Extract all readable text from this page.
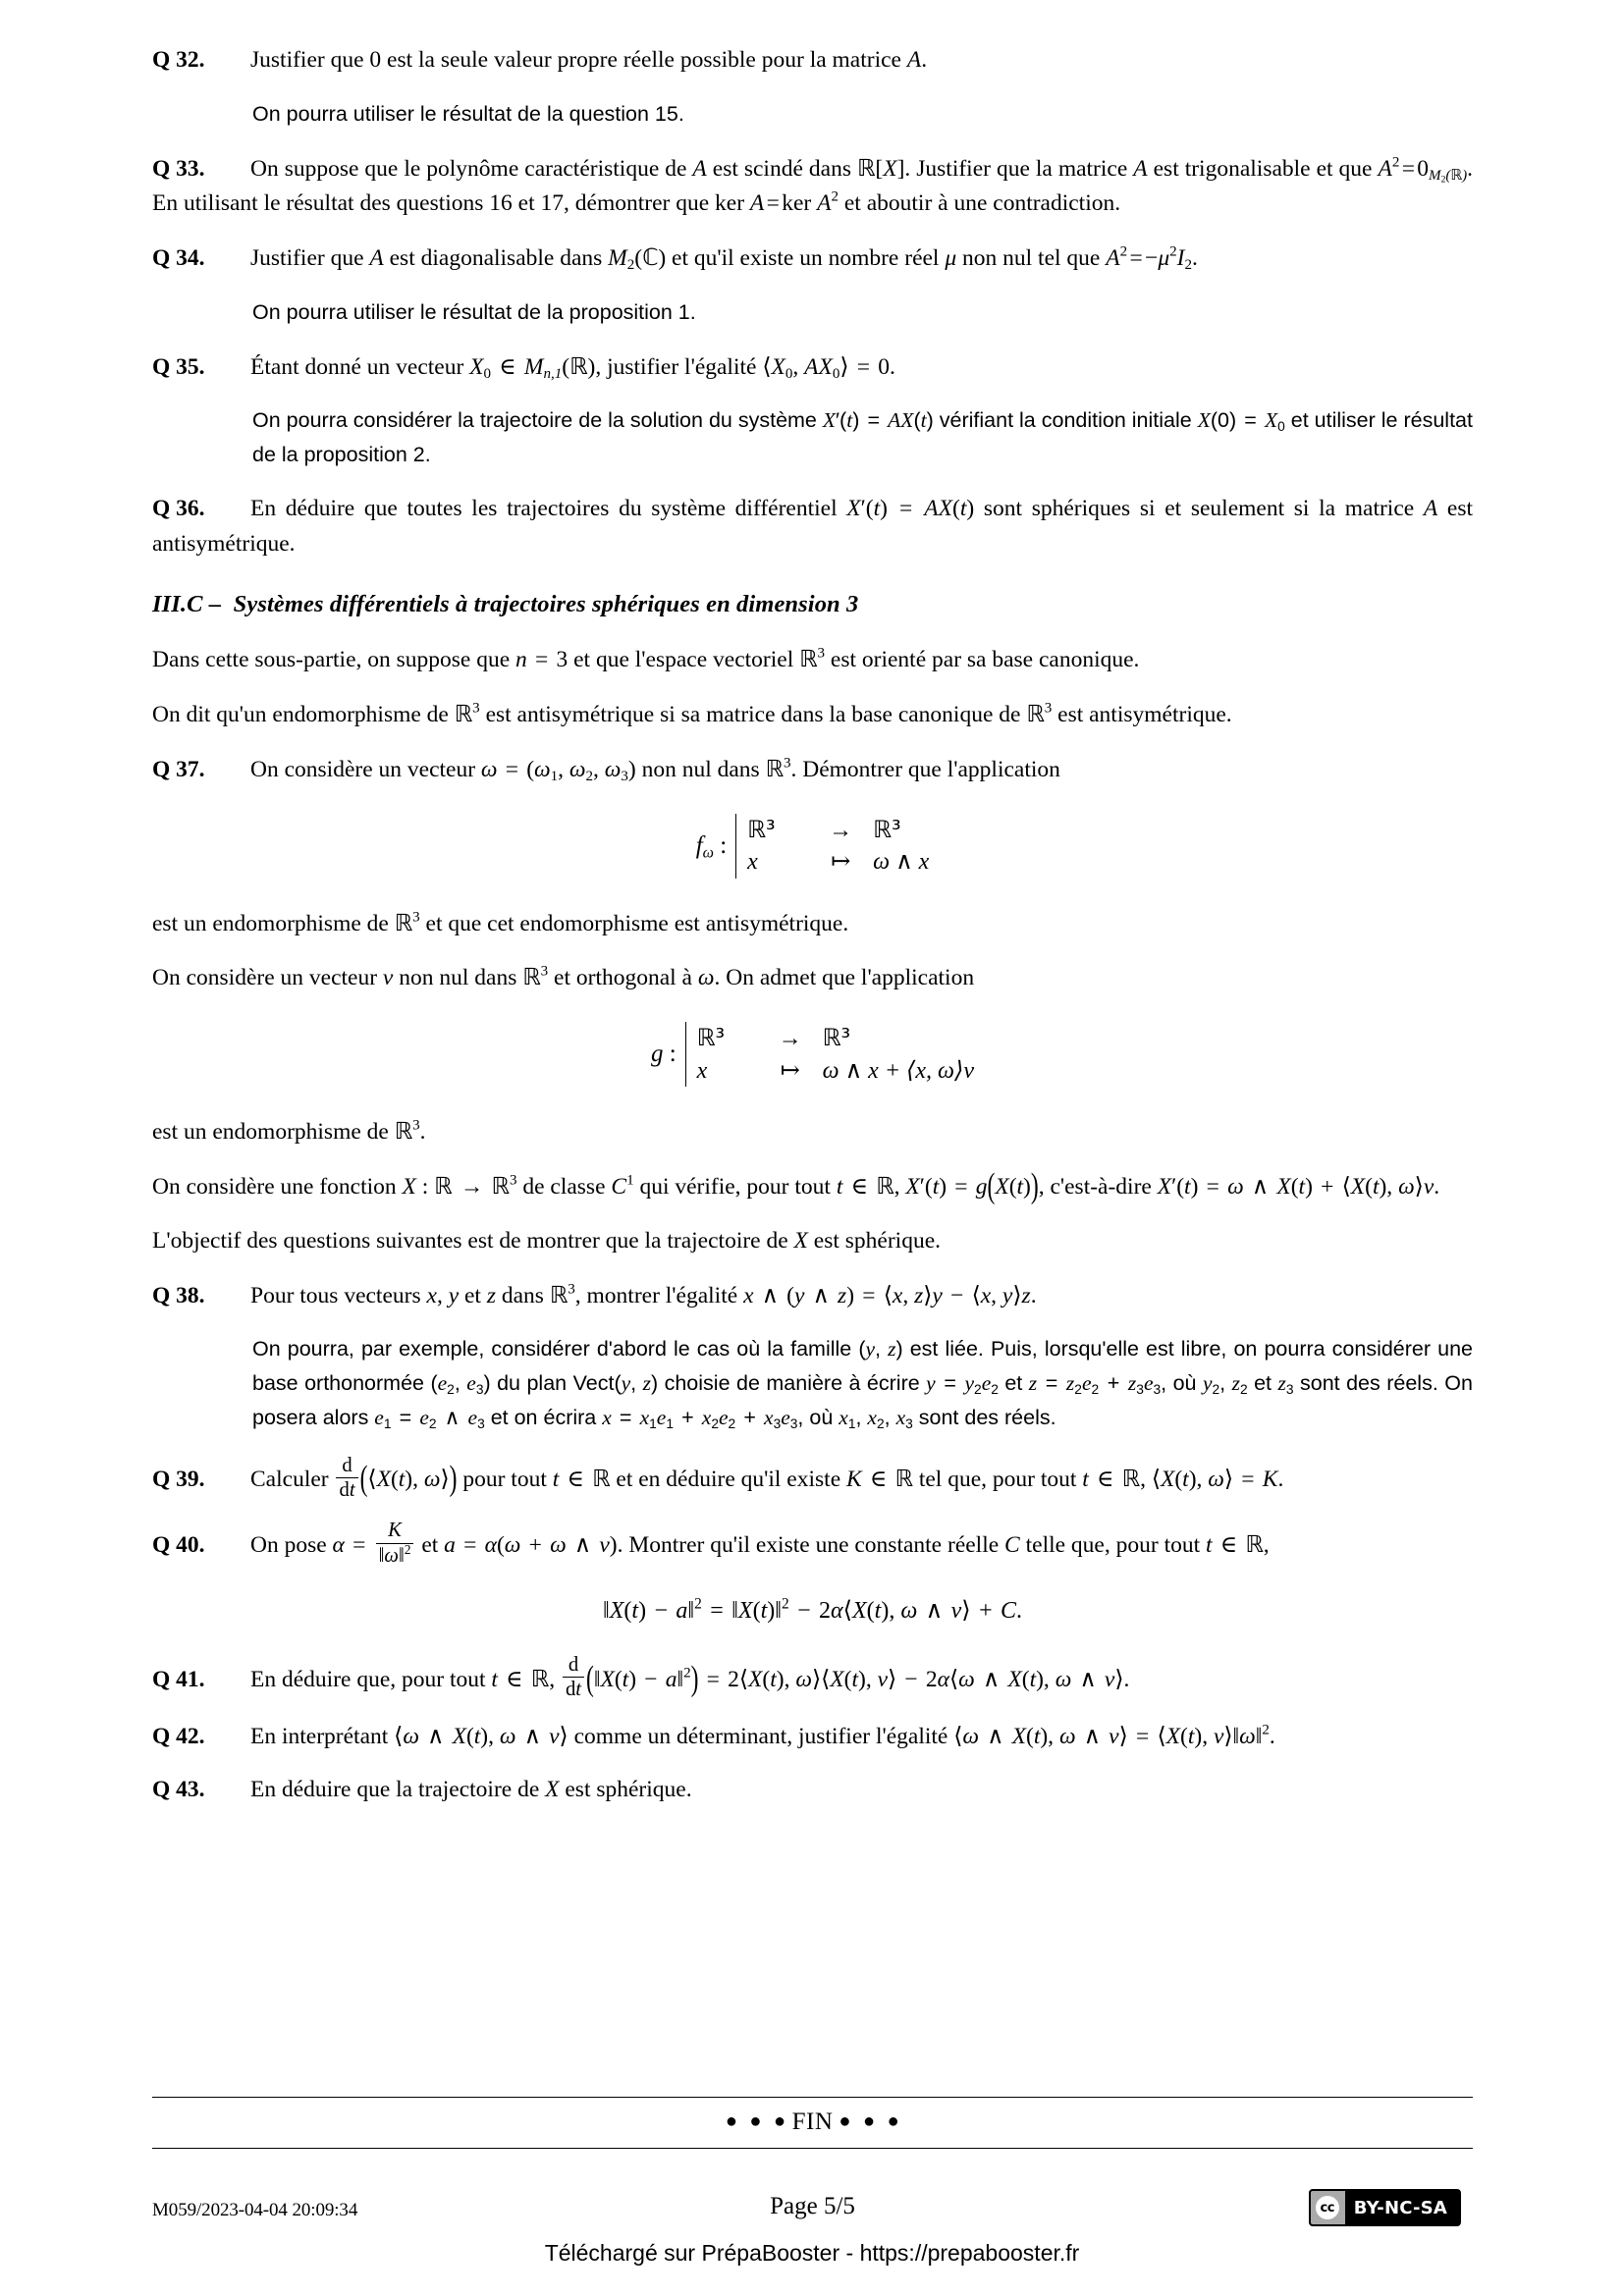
Q 32. Justifier que 0 est la seule valeur propre réelle possible pour la matrice A.
On pourra utiliser le résultat de la question 15.
Q 33. On suppose que le polynôme caractéristique de A est scindé dans ℝ[X]. Justifier que la matrice A est trigonalisable et que $A^2=0_{M_2(ℝ)}$. En utilisant le résultat des questions 16 et 17, démontrer que ker A=ker $A^2$ et aboutir à une contradiction.
Q 34. Justifier que A est diagonalisable dans $M_2(ℂ)$ et qu'il existe un nombre réel μ non nul tel que $A^2=-\mu^2I_2$.
On pourra utiliser le résultat de la proposition 1.
Q 35. Étant donné un vecteur $X_0$ ∈ $M_{n,1}(ℝ)$, justifier l'égalité $⟨X_0$, $AX_0⟩ = 0$.
On pourra considérer la trajectoire de la solution du système X′(t) = AX(t) vérifiant la condition initiale $X(0) = X_0$ et utiliser le résultat de la proposition 2.
Q 36. En déduire que toutes les trajectoires du système différentiel X′(t) = AX(t) sont sphériques si et seulement si la matrice A est antisymétrique.
III.C – Systèmes différentiels à trajectoires sphériques en dimension 3
Dans cette sous-partie, on suppose que n = 3 et que l'espace vectoriel ℝ$^3$ est orienté par sa base canonique.
On dit qu'un endomorphisme de ℝ$^3$ est antisymétrique si sa matrice dans la base canonique de ℝ$^3$ est antisymétrique.
Q 37. On considère un vecteur $\omega = (\omega_1$, $\omega_2$, $\omega_3$) non nul dans ℝ$^3$. Démontrer que l'application
$f_\omega$ :
ℝ³ → ℝ³
x	↦ ω ∧ x
est un endomorphisme de ℝ$^3$ et que cet endomorphisme est antisymétrique.
On considère un vecteur v non nul dans ℝ$^3$ et orthogonal à ω. On admet que l'application
g :
ℝ³ → ℝ³
x	↦ ω ∧ x + ⟨x, ω⟩v
est un endomorphisme de ℝ$^3$.
On considère une fonction X : ℝ → ℝ$^3$ de classe $C^1$ qui vérifie, pour tout t ∈ ℝ, X′(t) = g(X(t)), c'est-à-dire X′(t) = ω ∧ X(t) + ⟨X(t), ω⟩v.
L'objectif des questions suivantes est de montrer que la trajectoire de X est sphérique.
Q 38. Pour tous vecteurs x, y et z dans ℝ$^3$, montrer l'égalité x ∧ (y ∧ z) = ⟨x, z⟩y − ⟨x, y⟩z.
On pourra, par exemple, considérer d'abord le cas où la famille (y, z) est liée. Puis, lorsqu'elle est libre, on pourra considérer une base orthonormée ($e_2$, $e_3$) du plan Vect(y, z) choisie de manière à écrire $y = y_2e_2$ et $z = z_2e_2 + z_3e_3$, où $y_2$, $z_2$ et $z_3$ sont des réels. On posera alors $e_1 = e_2$ ∧ $e_3$ et on écrira $x = x_1e_1 + x_2e_2 + x_3e_3$, où $x_1$, $x_2$, $x_3$ sont des réels.
Q 39. Calculer $\frac{d}{dt}$ (⟨X(t), ω⟩) pour tout t ∈ ℝ et en déduire qu'il existe K ∈ ℝ tel que, pour tout t ∈ ℝ, ⟨X(t), ω⟩ = K.
Q 40. On pose $\alpha = \frac{K}{‖\omega‖^2}$ et a = α(ω + ω ∧ v). Montrer qu'il existe une constante réelle C telle que, pour tout t ∈ ℝ,
‖X(t) − a‖$^2$ = ‖X(t)‖$^2$ − 2α⟨X(t), ω ∧ v⟩ + C.
Q 41. En déduire que, pour tout t ∈ ℝ, $\frac{d}{dt}$ (‖X(t) − a‖$^2$) = 2⟨X(t), ω⟩⟨X(t), v⟩ − 2α⟨ω ∧ X(t), ω ∧ v⟩.
Q 42. En interprétant ⟨ω ∧ X(t), ω ∧ v⟩ comme un déterminant, justifier l'égalité ⟨ω ∧ X(t), ω ∧ v⟩ = ⟨X(t), v⟩‖ω‖$^2$.
Q 43. En déduire que la trajectoire de X est sphérique.
● ● ● FIN ● ● ●
M059/2023-04-04 20:09:34	Page 5/5	cc	BY-NC-SA
Téléchargé sur PrépaBooster - https://prepabooster.fr
